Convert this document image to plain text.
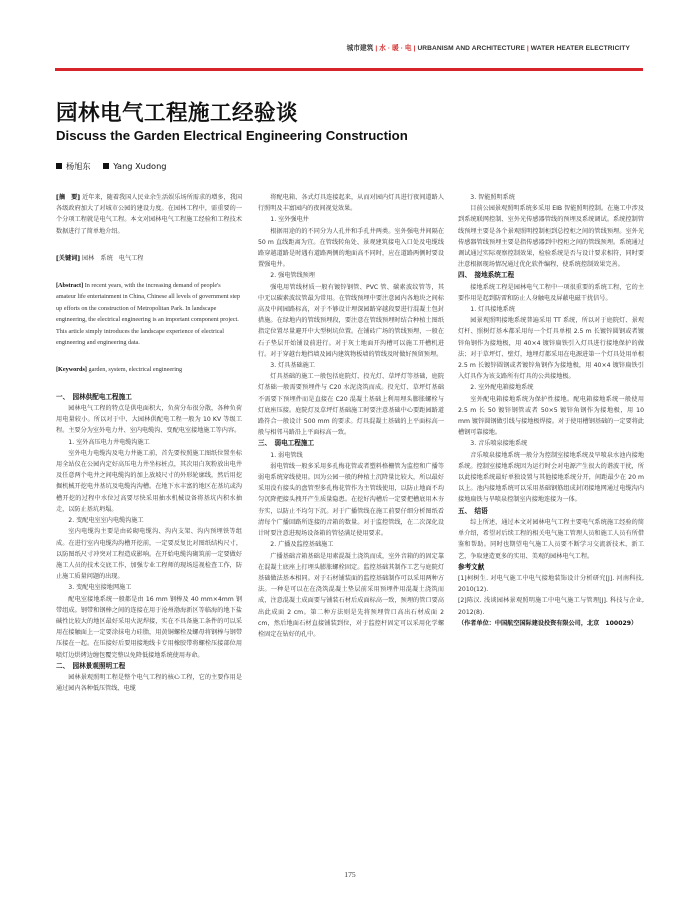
城市建筑 | 水 · 暖 · 电 | URBANISM AND ARCHITECTURE | WATER HEATER ELECTRICITY
园林电气工程施工经验谈
Discuss the Garden Electrical Engineering Construction
杨旭东	Yang Xudong

[摘　要] 近年来，随着我国人民业余生活娱乐场所需求的增多，我国各级政府加大了对城市公园的建设力度。在园林工程中，需重要的一个分项工程就是电气工程。本文对园林电气工程施工经验和工程技术数据进行了简单地介绍。

[关键词] 园林　系统　电气工程

[Abstract] In recent years, with the increasing demand of people's amateur life entertainment in China, Chinese all levels of government step up efforts on the construction of Metropolitan Park. In landscape engineering, the electrical engineering is an important component project. This article simply introduces the landscape experience of electrical engineering and engineering data.

[Keywords] garden, system, electrical engineering

一、　园林供配电工程施工

园林电气工程的特点是供电面积大，负荷分布很分散，各种负荷用电量较小。所以对于中、大园林供配电工程一般为 10 KV 等级工程。主要分为室外电力井、室内电缆沟、变配电室接地施工等内容。

1. 室外高压电力井电缆沟施工

室外电力电缆沟及电力井施工前，首先要按照施工图纸位置坐标用全站仪在公园内定好高压电力井坐标桩点，其次用白灰粉放出电井及任意两个电井之间电缆沟的加上放坡尺寸的外形轮廓线，然后用挖掘机械开挖电井基坑及电缆沟沟槽。在地下水丰富的地区在基坑或沟槽开挖的过程中水位过高要尽快采用抽水机械设备将基坑内积水抽走，以防止基坑坍塌。

2. 变配电室室内电缆沟施工

室内电缆沟主要是由砖砌电缆沟、沟内支架、沟内预埋铁等组成。在进行室内电缆沟沟槽开挖前，一定要反复比对图纸结构尺寸，以防图纸尺寸冲突对工程造成影响。在开始电缆沟砌筑前一定要做好施工人员的技术交底工作，加强专业工程师的现场巡视检查工作，防止施工质量问题的出现。

3. 变配电室接地网施工

配电室接地系统一般都是由 16 mm 钢棒及 40 mm×4mm 钢带组成。钢带和钢棒之间的连接在用于沧州渤海新区等临海的地下盐碱性比较大的地区最好采用火泥焊接，实在不具备施工条件的可以采用在接触面上一定要涂抹电力硅脂，用黄铜螺栓及螺母将钢棒与钢带压接在一起。在压接好后要用接地线卡专用橡胶带将螺栓压接部位用喷灯边烘烤边缠包覆完整以免降低接地系统使用寿命。

二、　园林景观照明工程

园林景观照明工程是整个电气工程的核心工程，它的主要作用是通过园内各种低压管线、电缆

将配电箱、各式灯具连接起来，从而对园内灯具进行夜间道路人行照明及丰富园内的夜间视觉效果。

1. 室外强电井

根据用途的的不同分为人孔井和手孔井两类。室外强电井间隔在 50 m 直线距离为宜。在管线转角处、景观建筑接电入口处及电缆线路穿越道路是时遇有道路两侧的地面高不同时，应在道路两侧时要设置强电井。

2. 强电管线预埋

强电用管线材质一般有镀锌钢管、PVC 管、碳素波纹管等，其中无以碳素波纹管最为常用。在管线预埋中要注意园内各地块之间标高及中间园路标高，对于不够设计埋深园路穿越段要进行混凝土包封措施。在绿地内的管线预埋段，要注意在管线预埋时结合种植土图纸指定位置尽量避开中大型树坑位置。在铺砖广场的管线预埋，一般在石子垫层开始铺设前进行。对于灰土地面开沟槽可以施工开槽机进行。对于穿越台地挡墙及园内建筑物板墙的管线及时做好预留预埋。

3. 灯具基础施工

灯具基础的施工一般包括庭院灯、投光灯、草坪灯等基础，庭院灯基础一般需要预埋件与 C20 水泥浇筑而成。投光灯、草坪灯基础不需要下预埋件而是直接在 C20 混凝土基础上利用埋头膨胀螺栓与灯底座压接。庭院灯及草坪灯基础施工时要注意基础中心要距园路道路符合一般设计 500 mm 的要求。灯具混凝土基础的上平面标高一般与相邻马路沿上平面标高一致。

三、　弱电工程施工

1. 弱电管线

弱电管线一般多采用多孔梅花管或者塑料格栅管为监控和广播等弱电系统穿线使用。因为公园一般的种植土沉降量比较大，所以最好采用没有接头的盘管型多孔梅花管作为主管线使用，以防止地面不均匀沉降把接头拽开产生质量隐患。在挖好沟槽后一定要把槽底用木夯夯实，以防止不均匀下沉。对于广播管线在施工前要仔细分析图纸看清每个广播回路所连接的音箱的数量。对于监控管线，在二次深化设计时要注意进现场设备箱的管径满足使用要求。

2. 广播及监控基础施工

广播基础音箱基础是用素混凝土浇筑而成，室外音箱的的固定靠在混凝土底座上打埋头膨胀螺栓固定。监控基础其制作工艺与庭院灯基础做法基本相同。对于石材铺装面的监控基础制作可以采用两种方法。一种是可以在在浇筑混凝土垫层前采用预埋件用混凝土浇筑而成，注意混凝土成面要与铺装石材后成面标高一致，预埋的管口要高出此成面 2 cm。第二种方法则是先将预埋管口高出石材成面 2 cm，然后地面石材直接铺装到位，对于监控杆固定可以采用化学螺栓固定在钻好的孔中。

3. 智能照明系统

目前公园景观照明系统多采用 EIB 智能照明控制。在施工中涉及到系统联网控制、室外光传感器管线的预埋及系统调试。系统控制管线预埋主要是各个景观照明控制柜到总控柜之间的管线预埋。室外光传感器管线预埋主要是指传感器到中控柜之间的管线预埋。系统通过调试通过实际观察控制效果，检验系统是否与设计要求相符，同时要注意根据现场情况通过优化软件编程，使系统控制效果完善。

四、　接地系统工程

接地系统工程是园林电气工程中一项很重要的系统工程，它的主要作用是起到防雷和防止人身触电及屏蔽电磁干扰信号。

1. 灯具接地系统

园景观照明接地系统普遍采用 TT 系统，所以对于庭院灯、景观灯杆、照树灯基本都采用每一个灯具单根 2.5 m 长镀锌圆钢或者镀锌角钢作为接地极，用 40×4 镀锌扁铁引入灯具进行接地保护的做法；对于草坪灯、壁灯，地埋灯都采用在电源进第一个灯具处用单根 2.5 m 长镀锌圆钢或者镀锌角钢作为接地极，用 40×4 镀锌扁铁引入灯具作为该支路所有灯具的公共接地极。

2. 室外配电箱接地系统

室外配电箱接地系统为保护性接地。配电箱接地系统一般使用 2.5 m 长 50 镀锌钢管或者 50×5 镀锌角钢作为接地极，用 10 mm 镀锌圆钢做引线与接地极焊接。对于使用槽钢基础的一定要将此槽钢可靠接地。

3. 音乐喷泉接地系统

音乐喷泉接地系统一般分为控制室接地系统及旱喷泉水池内接地系统。控制室接地系统因为运行时会对电源产生很大的谐波干扰，所以此接地系统最好单独设置与其他接地系统分开，间距最少在 20 m 以上。池内接地系统可以采用基础钢筋组成封闭接地网通过电缆沟内接地扁铁与旱喷泉控制室内接地连接为一体。

五、　结语

综上所述，通过本文对园林电气工程主要电气系统施工经验的简单介绍，希望对后续工程的相关电气施工管理人员和施工人员有所借鉴和帮助。同时也期望电气施工人员要不断学习交流新技术、新工艺，争取建造更多的实用、美观的园林电气工程。

参考文献

[1]柯树生. 对电气施工中电气接地装饰设计分析研究[J]. 河南科技, 2010(12).

[2]陈汉. 浅谈园林景观照明施工中电气施工与管理[J]. 科技与企业, 2012(8).

（作者单位：中国航空国际建设投资有限公司，北京　100029）

175
